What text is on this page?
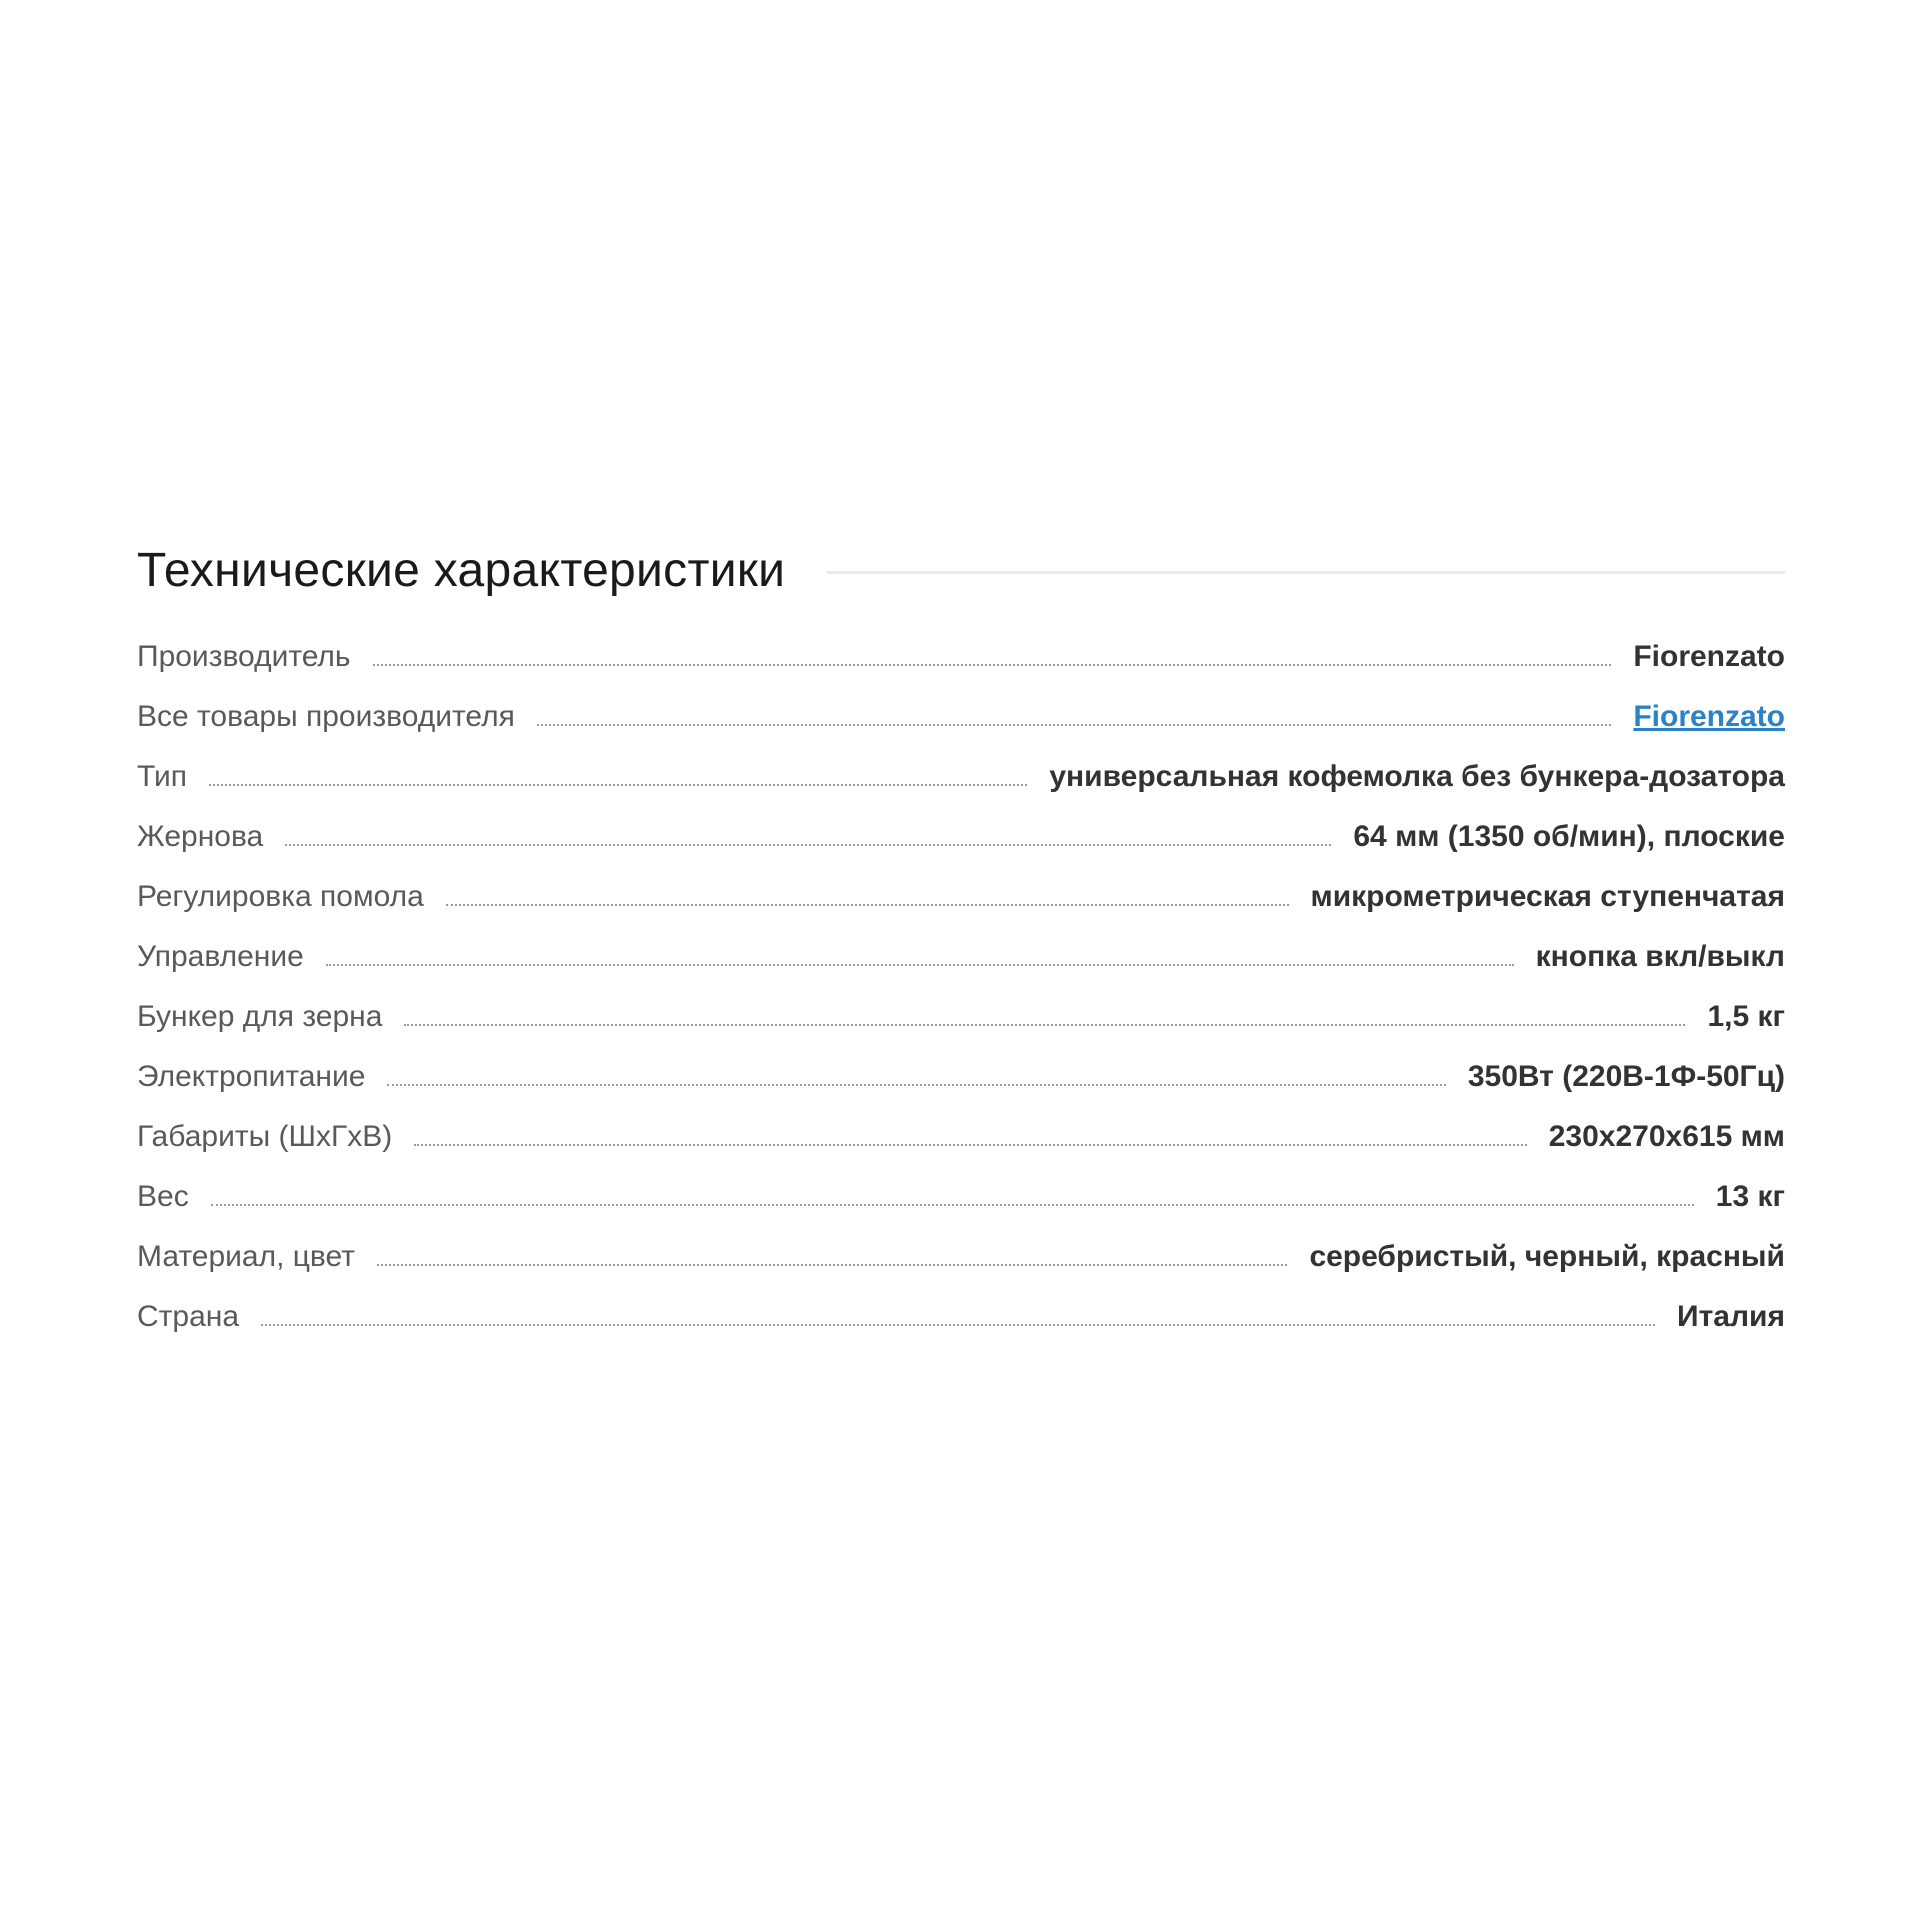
Технические характеристики
Производитель	Fiorenzato
Все товары производителя	Fiorenzato
Тип	универсальная кофемолка без бункера-дозатора
Жернова	64 мм (1350 об/мин), плоские
Регулировка помола	микрометрическая ступенчатая
Управление	кнопка вкл/выкл
Бункер для зерна	1,5 кг
Электропитание	350Вт (220В-1Ф-50Гц)
Габариты (ШхГхВ)	230х270х615 мм
Вес	13 кг
Материал, цвет	серебристый, черный, красный
Страна	Италия
